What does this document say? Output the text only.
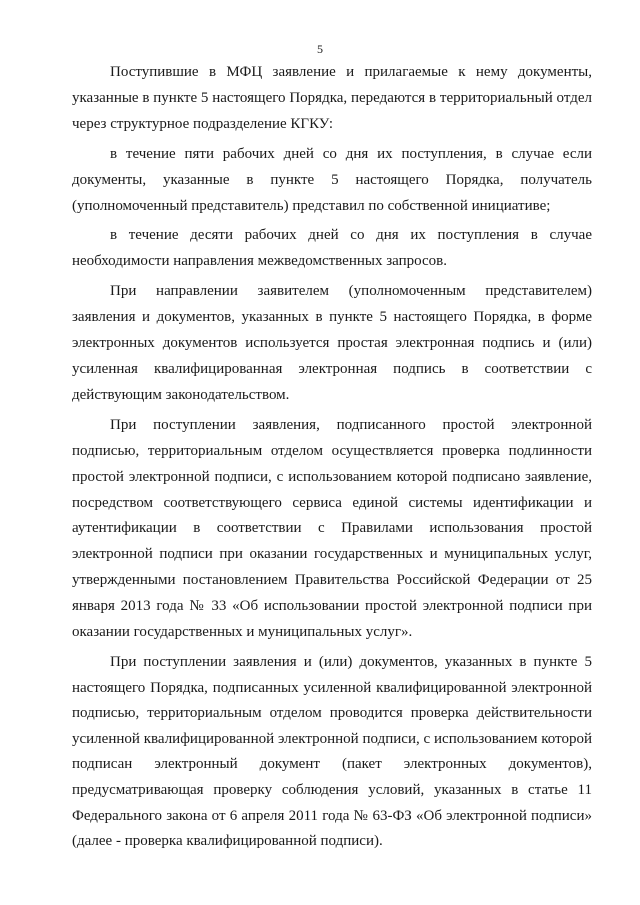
5

Поступившие в МФЦ заявление и прилагаемые к нему документы, указанные в пункте 5 настоящего Порядка, передаются в территориальный отдел через структурное подразделение КГКУ:

в течение пяти рабочих дней со дня их поступления, в случае если документы, указанные в пункте 5 настоящего Порядка, получатель (уполномоченный представитель) представил по собственной инициативе;

в течение десяти рабочих дней со дня их поступления в случае необходимости направления межведомственных запросов.

При направлении заявителем (уполномоченным представителем) заявления и документов, указанных в пункте 5 настоящего Порядка, в форме электронных документов используется простая электронная подпись и (или) усиленная квалифицированная электронная подпись в соответствии с действующим законодательством.

При поступлении заявления, подписанного простой электронной подписью, территориальным отделом осуществляется проверка подлинности простой электронной подписи, с использованием которой подписано заявление, посредством соответствующего сервиса единой системы идентификации и аутентификации в соответствии с Правилами использования простой электронной подписи при оказании государственных и муниципальных услуг, утвержденными постановлением Правительства Российской Федерации от 25 января 2013 года № 33 «Об использовании простой электронной подписи при оказании государственных и муниципальных услуг».

При поступлении заявления и (или) документов, указанных в пункте 5 настоящего Порядка, подписанных усиленной квалифицированной электронной подписью, территориальным отделом проводится проверка действительности усиленной квалифицированной электронной подписи, с использованием которой подписан электронный документ (пакет электронных документов), предусматривающая проверку соблюдения условий, указанных в статье 11 Федерального закона от 6 апреля 2011 года № 63-ФЗ «Об электронной подписи» (далее - проверка квалифицированной подписи).
